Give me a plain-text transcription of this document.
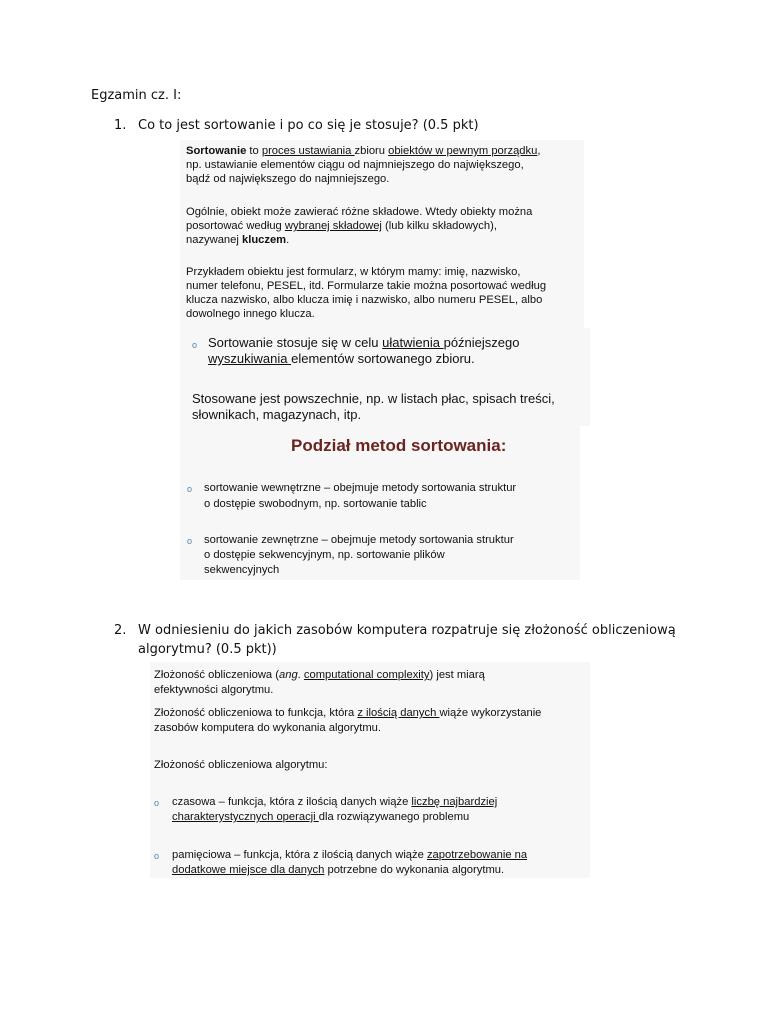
Egzamin cz. I:
1. Co to jest sortowanie i po co się je stosuje? (0.5 pkt)

Sortowanie to proces ustawiania zbioru obiektów w pewnym porządku,

np. ustawianie elementów ciągu od najmniejszego do największego,

bądź od największego do najmniejszego.

Ogólnie, obiekt może zawierać różne składowe. Wtedy obiekty można

posortować według wybranej składowej (lub kilku składowych),

nazywanej kluczem.

Przykładem obiektu jest formularz, w którym mamy: imię, nazwisko,

numer telefonu, PESEL, itd. Formularze takie można posortować według

klucza nazwisko, albo klucza imię i nazwisko, albo numeru PESEL, albo

dowolnego innego klucza.

o Sortowanie stosuje się w celu ułatwienia późniejszego

wyszukiwania elementów sortowanego zbioru.

Stosowane jest powszechnie, np. w listach płac, spisach treści,

słownikach, magazynach, itp.

Podział metod sortowania:
o sortowanie wewnętrzne – obejmuje metody sortowania struktur

o dostępie swobodnym, np. sortowanie tablic

o sortowanie zewnętrzne – obejmuje metody sortowania struktur

o dostępie sekwencyjnym, np. sortowanie plików

sekwencyjnych

2. W odniesieniu do jakich zasobów komputera rozpatruje się złożoność obliczeniową
algorytmu? (0.5 pkt))

Złożoność obliczeniowa (ang. computational complexity) jest miarą

efektywności algorytmu.

Złożoność obliczeniowa to funkcja, która z ilością danych wiąże wykorzystanie

zasobów komputera do wykonania algorytmu.

Złożoność obliczeniowa algorytmu:

o czasowa – funkcja, która z ilością danych wiąże liczbę najbardziej

charakterystycznych operacji dla rozwiązywanego problemu

o pamięciowa – funkcja, która z ilością danych wiąże zapotrzebowanie na

dodatkowe miejsce dla danych potrzebne do wykonania algorytmu.
